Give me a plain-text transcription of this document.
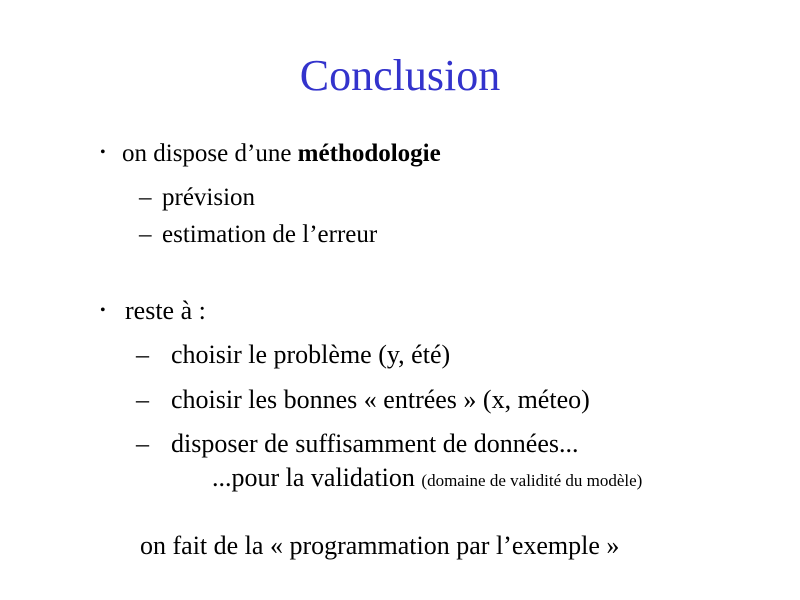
Conclusion
• on dispose d’une méthodologie
– prévision
– estimation de l’erreur
• reste à :
– choisir le problème (y, été)
– choisir les bonnes « entrées » (x, méteo)
– disposer de suffisamment de données...
...pour la validation (domaine de validité du modèle)
on fait de la « programmation par l’exemple »
